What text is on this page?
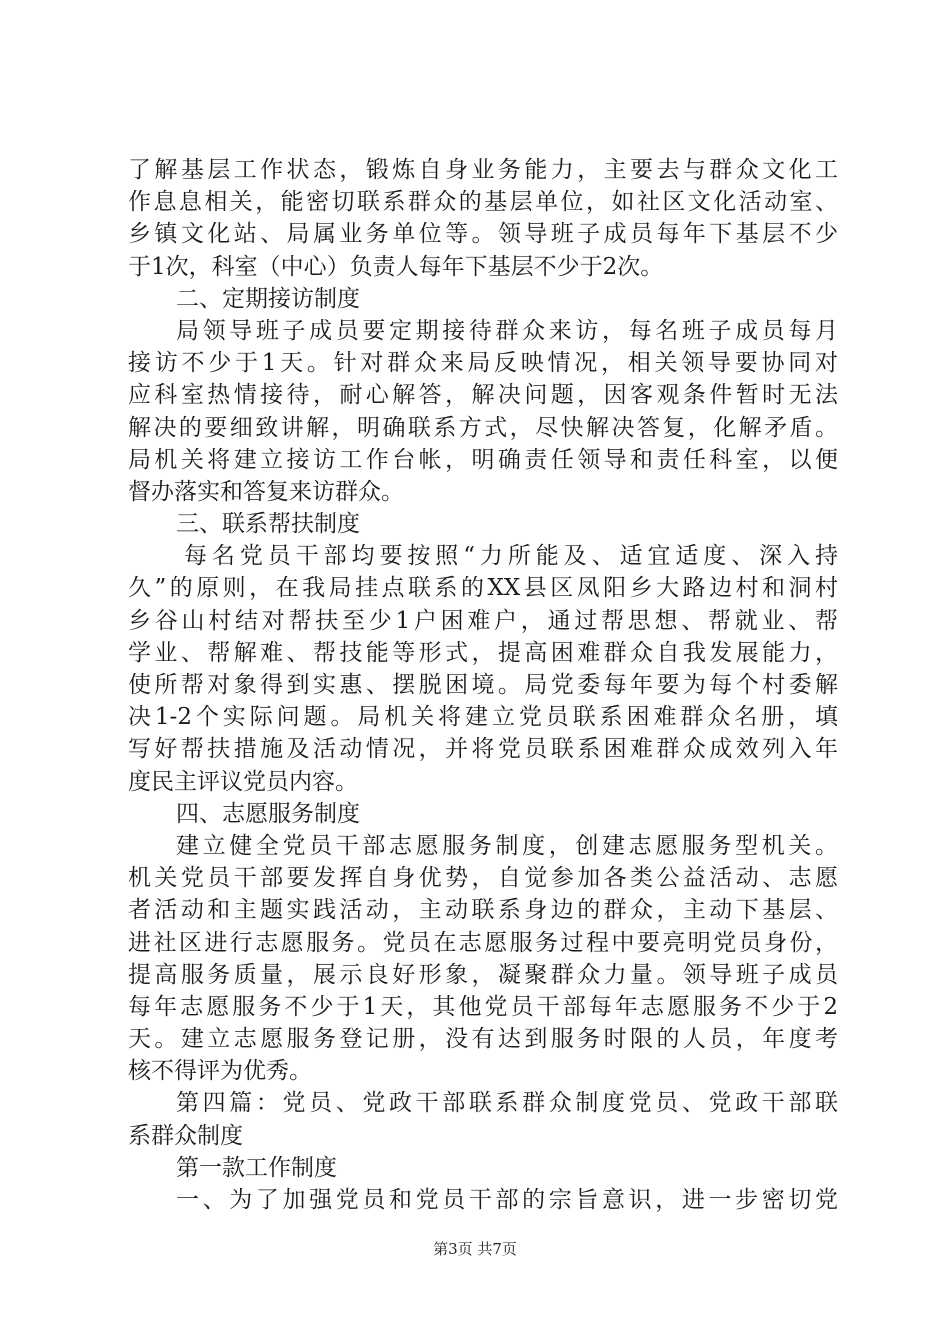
了解基层工作状态，锻炼自身业务能力，主要去与群众文化工
作息息相关，能密切联系群众的基层单位，如社区文化活动室、
乡镇文化站、局属业务单位等。领导班子成员每年下基层不少
于1次，科室（中心）负责人每年下基层不少于2次。
二、定期接访制度
局领导班子成员要定期接待群众来访，每名班子成员每月
接访不少于1天。针对群众来局反映情况，相关领导要协同对
应科室热情接待，耐心解答，解决问题，因客观条件暂时无法
解决的要细致讲解，明确联系方式，尽快解决答复，化解矛盾。
局机关将建立接访工作台帐，明确责任领导和责任科室，以便
督办落实和答复来访群众。
三、联系帮扶制度
每名党员干部均要按照“力所能及、适宜适度、深入持
久”的原则，在我局挂点联系的XX县区凤阳乡大路边村和洞村
乡谷山村结对帮扶至少1户困难户，通过帮思想、帮就业、帮
学业、帮解难、帮技能等形式，提高困难群众自我发展能力，
使所帮对象得到实惠、摆脱困境。局党委每年要为每个村委解
决1-2个实际问题。局机关将建立党员联系困难群众名册，填
写好帮扶措施及活动情况，并将党员联系困难群众成效列入年
度民主评议党员内容。
四、志愿服务制度
建立健全党员干部志愿服务制度，创建志愿服务型机关。
机关党员干部要发挥自身优势，自觉参加各类公益活动、志愿
者活动和主题实践活动，主动联系身边的群众，主动下基层、
进社区进行志愿服务。党员在志愿服务过程中要亮明党员身份，
提高服务质量，展示良好形象，凝聚群众力量。领导班子成员
每年志愿服务不少于1天，其他党员干部每年志愿服务不少于2
天。建立志愿服务登记册，没有达到服务时限的人员，年度考
核不得评为优秀。
第四篇：党员、党政干部联系群众制度党员、党政干部联
系群众制度
第一款工作制度
一、为了加强党员和党员干部的宗旨意识，进一步密切党
第3页 共7页
